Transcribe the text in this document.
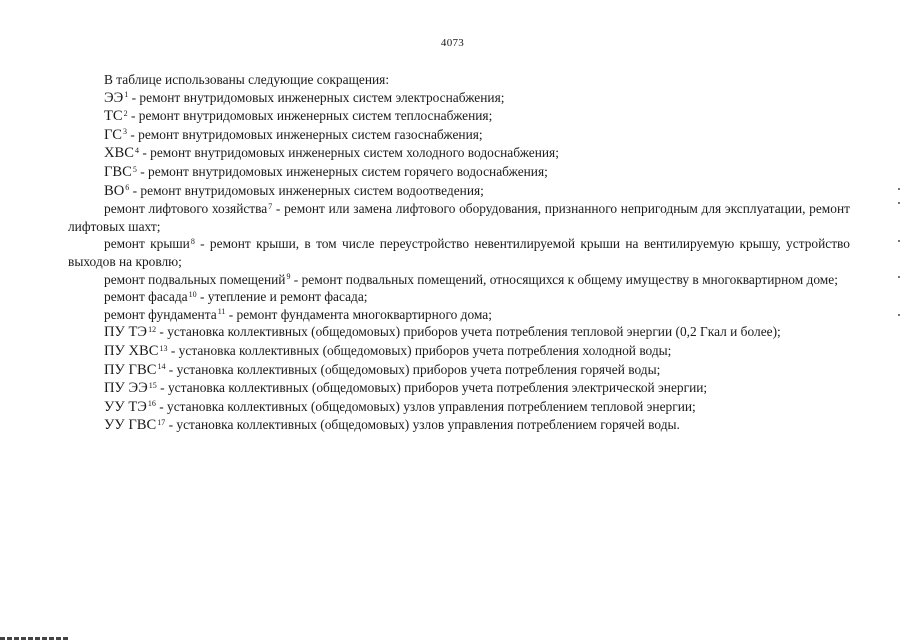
4073

В таблице использованы следующие сокращения:

$ЭЭ^1$ - ремонт внутридомовых инженерных систем электроснабжения;

$ТС^2$ - ремонт внутридомовых инженерных систем теплоснабжения;

$ГС^3$ - ремонт внутридомовых инженерных систем газоснабжения;

ХВС$^4$ - ремонт внутридомовых инженерных систем холодного водоснабжения;

ГВС$^5$ - ремонт внутридомовых инженерных систем горячего водоснабжения;

$ВО^6$ - ремонт внутридомовых инженерных систем водоотведения;

ремонт лифтового хозяйства$^7$ - ремонт или замена лифтового оборудования, признанного непригодным для эксплуатации, ремонт лифтовых шахт;

ремонт крыши$^8$ - ремонт крыши, в том числе переустройство невентилируемой крыши на вентилируемую крышу, устройство выходов на кровлю;

ремонт подвальных помещений$^9$ - ремонт подвальных помещений, относящихся к общему имуществу в многоквартирном доме;

ремонт фасада$^{10}$ - утепление и ремонт фасада;

ремонт фундамента$^{11}$ - ремонт фундамента многоквартирного дома;

ПУ ТЭ$^{12}$ - установка коллективных (общедомовых) приборов учета потребления тепловой энергии (0,2 Гкал и более);

ПУ ХВС$^{13}$ - установка коллективных (общедомовых) приборов учета потребления холодной воды;

ПУ ГВС$^{14}$ - установка коллективных (общедомовых) приборов учета потребления горячей воды;

ПУ ЭЭ$^{15}$ - установка коллективных (общедомовых) приборов учета потребления электрической энергии;

УУ ТЭ$^{16}$ - установка коллективных (общедомовых) узлов управления потреблением тепловой энергии;

УУ ГВС$^{17}$ - установка коллективных (общедомовых) узлов управления потреблением горячей воды.
